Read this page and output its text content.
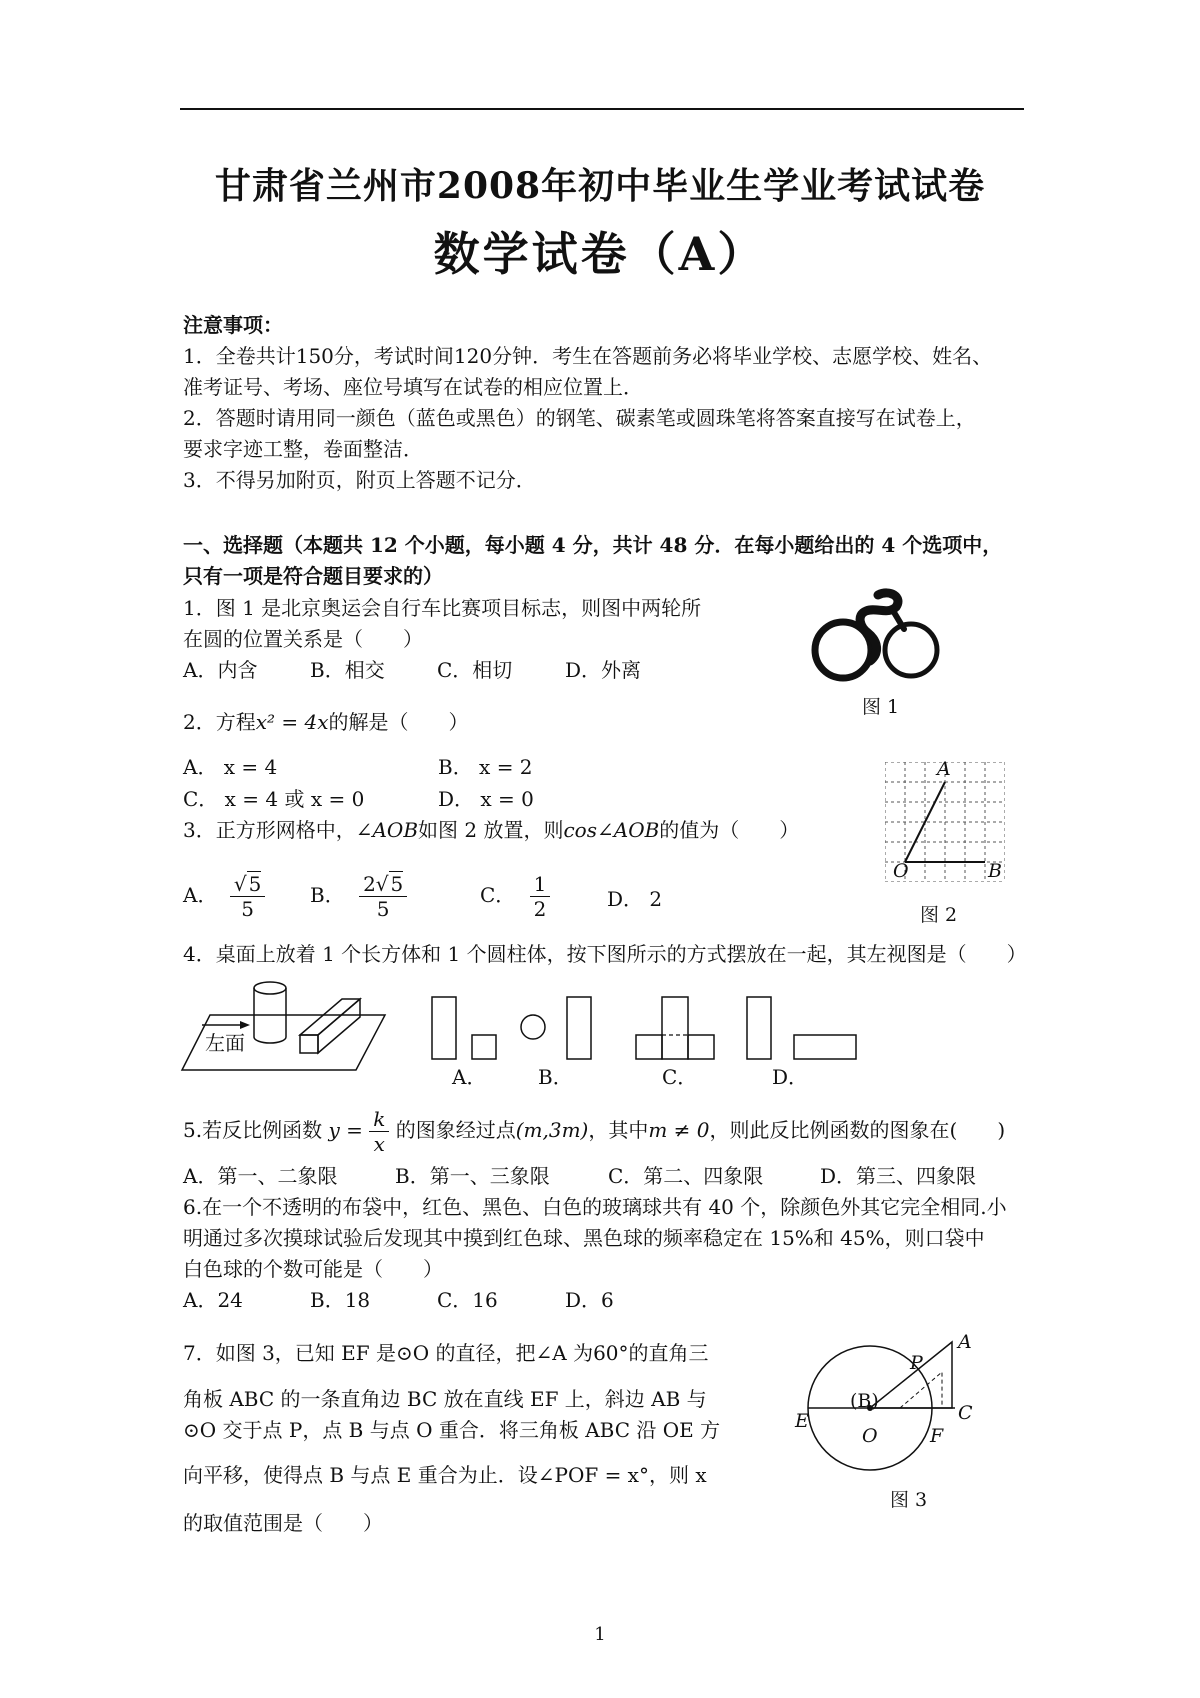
甘肃省兰州市2008年初中毕业生学业考试试卷
数学试卷（A）
注意事项：
1．全卷共计150分，考试时间120分钟．考生在答题前务必将毕业学校、志愿学校、姓名、
准考证号、考场、座位号填写在试卷的相应位置上．
2．答题时请用同一颜色（蓝色或黑色）的钢笔、碳素笔或圆珠笔将答案直接写在试卷上，
要求字迹工整，卷面整洁．
3．不得另加附页，附页上答题不记分．
一、选择题（本题共 12 个小题，每小题 4 分，共计 48 分．在每小题给出的 4 个选项中，
只有一项是符合题目要求的）
1．图 1 是北京奥运会自行车比赛项目标志，则图中两轮所
在圆的位置关系是（　　）
A．内含	B．相交	C．相切	D．外离
图 1
2．方程x² = 4x的解是（　　）
A． x = 4	B． x = 2
C． x = 4 或 x = 0	D． x = 0
A
O	B
图 2
3．正方形网格中，∠AOB如图 2 放置，则cos∠AOB的值为（　　）
A． $\frac{√ 5}{5}$ B． $\frac{2√ 5}{5}$	C． $\frac{1}{2}$	D． 2
4．桌面上放着 1 个长方体和 1 个圆柱体，按下图所示的方式摆放在一起，其左视图是（　　）
左面
A．	B．	C．	D．
5.若反比例函数 $y = \frac{k}{x}$ 的图象经过点(m,3m)，其中m ≠ 0，则此反比例函数的图象在(　　)
A．第一、二象限	B．第一、三象限	C．第二、四象限	D．第三、四象限
6.在一个不透明的布袋中，红色、黑色、白色的玻璃球共有 40 个，除颜色外其它完全相同.小
明通过多次摸球试验后发现其中摸到红色球、黑色球的频率稳定在 15%和 45%，则口袋中
白色球的个数可能是（　　）
A．24	B．18	C．16	D．6
7．如图 3，已知 EF 是⊙O 的直径，把∠A 为60°的直角三
角板 ABC 的一条直角边 BC 放在直线 EF 上，斜边 AB 与
⊙O 交于点 P，点 B 与点 O 重合．将三角板 ABC 沿 OE 方
向平移，使得点 B 与点 E 重合为止．设∠POF = x°，则 x
的取值范围是（　　）
A
P
(B)
C
E
O	F
图 3
1
